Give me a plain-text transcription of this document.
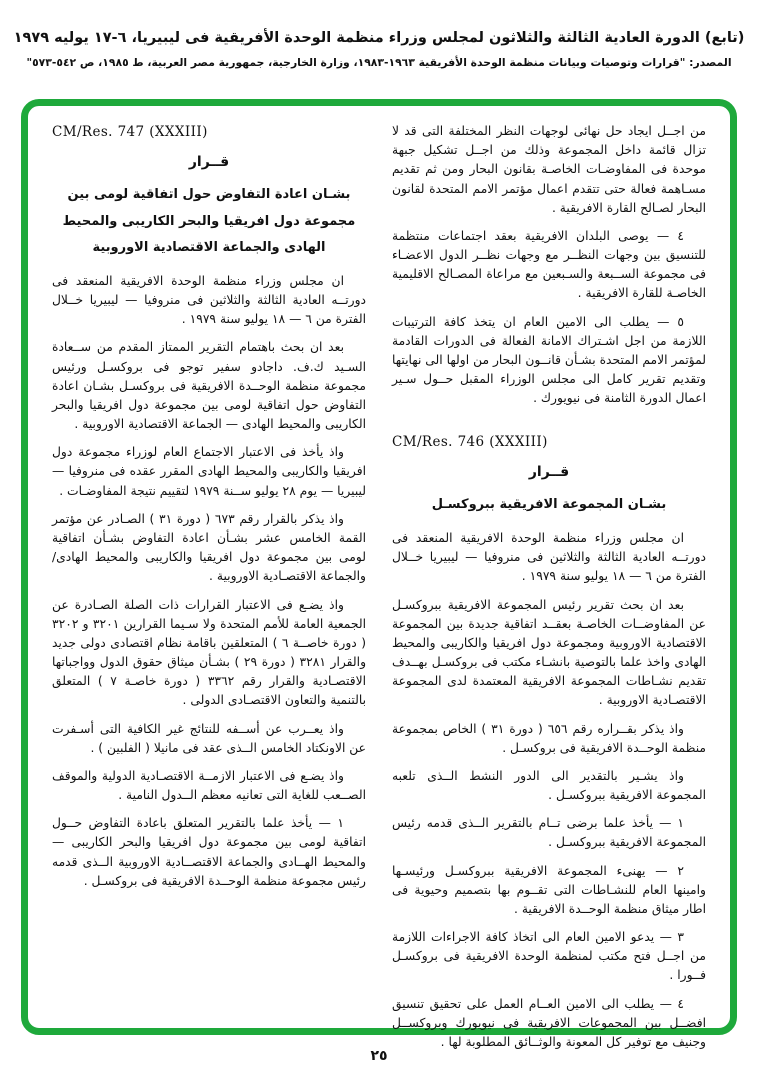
(تابع) الدورة العادية الثالثة والثلاثون لمجلس وزراء منظمة الوحدة الأفريقية فى ليبيريا، ٦-١٧ يوليه ١٩٧٩
المصدر: "قرارات وتوصيات وبيانات منظمة الوحدة الأفريقية ١٩٦٣-١٩٨٣، وزارة الخارجية، جمهورية مصر العربية، ط ١٩٨٥، ص ٥٤٢-٥٧٣"

من اجــل ايجاد حل نهائى لوجهات النظر المختلفة التى قد لا تزال قائمة داخل المجموعة وذلك من اجــل تشكيل جبهة موحدة فى المفاوضـات الخاصـة بقانون البحار ومن ثم تقديم مسـاهمة فعالة حتى تتقدم اعمال مؤتمر الامم المتحدة لقانون البحار لصـالح القارة الافريقية .

٤ — يوصى البلدان الافريقية بعقد اجتماعات منتظمة للتنسيق بين وجهات النظــر مع وجهات نظــر الدول الاعضـاء فى مجموعة الســبعة والسـبعين مع مراعاة المصـالح الاقليمية الخاصـة للقارة الافريقية .

٥ — يطلب الى الامين العام ان يتخذ كافة الترتيبات اللازمة من اجل اشـتراك الامانة الفعالة فى الدورات القادمة لمؤتمر الامم المتحدة بشـأن قانــون البحار من اولها الى نهايتها وتقديم تقرير كامل الى مجلس الوزراء المقبل حــول سـير اعمال الدورة الثامنة فى نيويورك .

CM/Res. 746 (XXXIII)
قــرار
بشـان المجموعة الافريقية ببروكسـل

ان مجلس وزراء منظمة الوحدة الافريقية المنعقد فى دورتــه العادية الثالثة والثلاثين فى منروفيا — ليبيريا خــلال الفترة من ٦ — ١٨ يوليو سنة ١٩٧٩ .

بعد ان بحث تقرير رئيس المجموعة الافريقية ببروكسـل عن المفاوضــات الخاصـة بعقــد اتفاقية جديدة بين المجموعة الاقتصادية الاوروبية ومجموعة دول افريقيا والكاريبى والمحيط الهادى واخذ علما بالتوصية بانشـاء مكتب فى بروكسـل بهــدف تقديم نشـاطات المجموعة الافريقية المعتمدة لدى المجموعة الاقتصـادية الاوروبية .

واذ يذكر بقــراره رقم ٦٥٦ ( دورة ٣١ ) الخاص بمجموعة منظمة الوحــدة الافريقية فى بروكسـل .

واذ يشـير بالتقدير الى الدور النشط الــذى تلعبه المجموعة الافريقية ببروكسـل .

١ — يأخذ علما برضى تــام بالتقرير الــذى قدمه رئيس المجموعة الافريقية ببروكسـل .

٢ — يهنىء المجموعة الافريقية ببروكسـل ورئيسـها وامينها العام للنشـاطات التى تقــوم بها بتصميم وحيوية فى اطار ميثاق منظمة الوحــدة الافريقية .

٣ — يدعو الامين العام الى اتخاذ كافة الاجراءات اللازمة من اجــل فتح مكتب لمنظمة الوحدة الافريقية فى بروكسـل فــورا .

٤ — يطلب الى الامين العــام العمل على تحقيق تنسيق افضــل بين المجموعات الافريقية فى نيويورك وبروكســل وجنيف مع توفير كل المعونة والوثــائق المطلوبة لها .

CM/Res. 747 (XXXIII)
قــرار
بشـان اعادة التفاوض حول اتفاقية لومى بين
مجموعة دول افريقيا والبحر الكاريبى والمحيط
الهادى والجماعة الاقتصادية الاوروبية

ان مجلس وزراء منظمة الوحدة الافريقية المنعقد فى دورتــه العادية الثالثة والثلاثين فى منروفيا — ليبيريا خــلال الفترة من ٦ — ١٨ يوليو سنة ١٩٧٩ .

بعد ان بحث باهتمام التقرير الممتاز المقدم من ســعادة السـيد ك.ف. داجادو سفير توجو فى بروكسـل ورئيس مجموعة منظمة الوحــدة الافريقية فى بروكسـل بشـان اعادة التفاوض حول اتفاقية لومى بين مجموعة دول افريقيا والبحر الكاريبى والمحيط الهادى — الجماعة الاقتصادية الاوروبية .

واذ يأخذ فى الاعتبار الاجتماع العام لوزراء مجموعة دول افريقيا والكاريبى والمحيط الهادى المقرر عقده فى منروفيا — ليبيريا — يوم ٢٨ يوليو ســنة ١٩٧٩ لتقييم نتيجة المفاوضـات .

واذ يذكر بالقرار رقم ٦٧٣ ( دورة ٣١ ) الصـادر عن مؤتمر القمة الخامس عشر بشـأن اعادة التفاوض بشـأن اتفاقية لومى بين مجموعة دول افريقيا والكاريبى والمحيط الهادى/والجماعة الاقتصـادية الاوروبية .

واذ يضـع فى الاعتبار القرارات ذات الصلة الصـادرة عن الجمعية العامة للأمم المتحدة ولا سـيما القرارين ٣٢٠١ و ٣٢٠٢ ( دورة خاصــة ٦ ) المتعلقين باقامة نظام اقتصادى دولى جديد والقرار ٣٢٨١ ( دورة ٢٩ ) بشـأن ميثاق حقوق الدول وواجباتها الاقتصـادية والقرار رقم ٣٣٦٢ ( دورة خاصـة ٧ ) المتعلق بالتنمية والتعاون الاقتصـادى الدولى .

واذ يعــرب عن أســفه للنتائج غير الكافية التى أسـفرت عن الاونكتاد الخامس الــذى عقد فى مانيلا ( الفلبين ) .

واذ يضـع فى الاعتبار الازمــة الاقتصـادية الدولية والموقف الصــعب للغاية التى تعانيه معظم الــدول النامية .

١ — يأخذ علما بالتقرير المتعلق باعادة التفاوض حــول اتفاقية لومى بين مجموعة دول افريقيا والبحر الكاريبى — والمحيط الهــادى والجماعة الاقتصــادية الاوروبية الــذى قدمه رئيس مجموعة منظمة الوحــدة الافريقية فى بروكسـل .

٢٥
